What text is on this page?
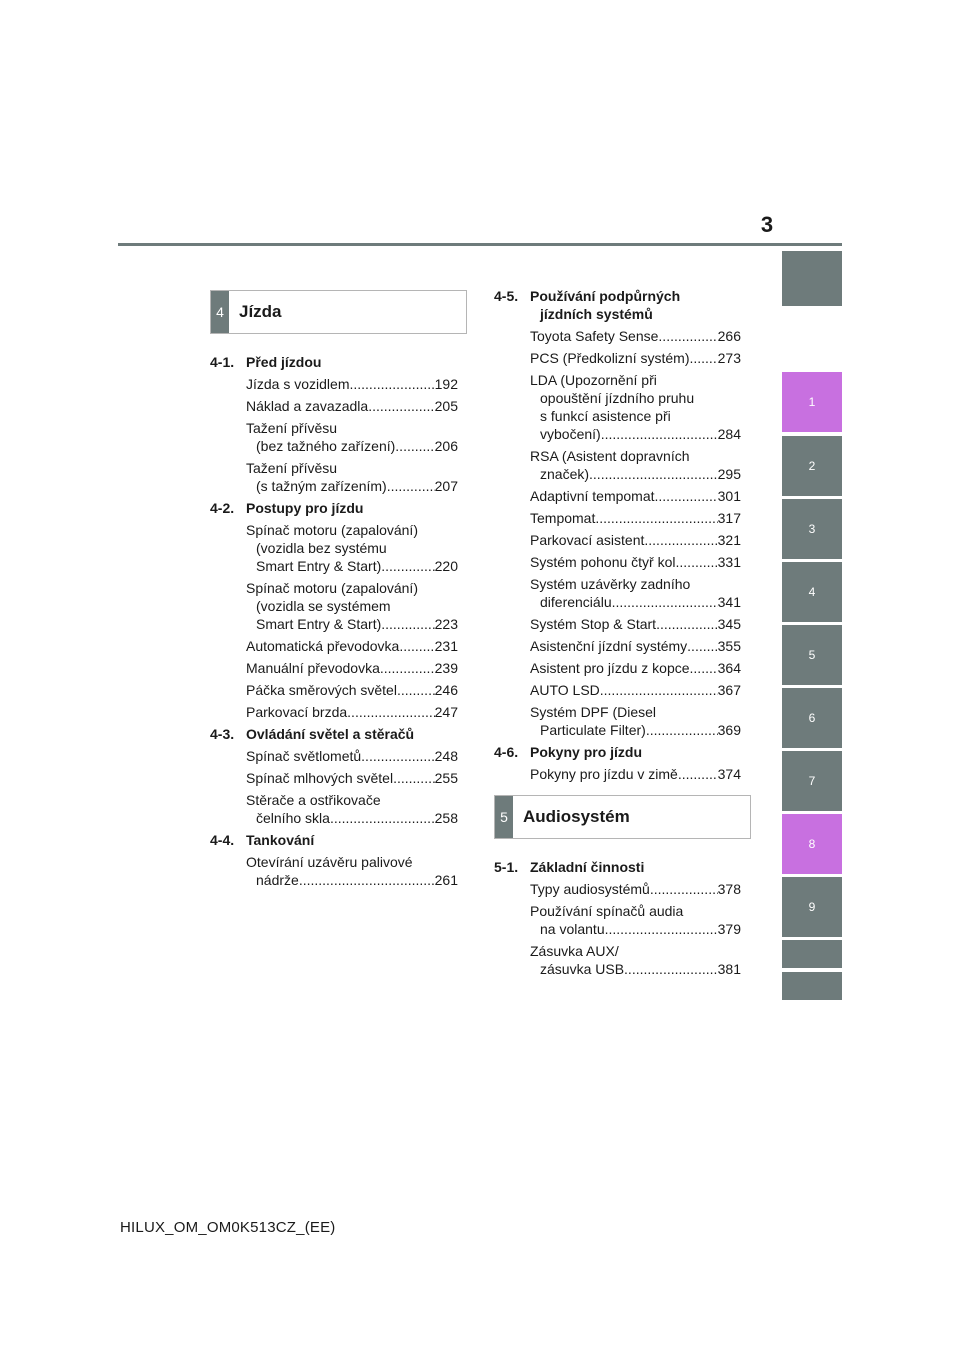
3
1
2
3
4
5
6
7
8
9
4 Jízda
4-1. Před jízdou
Jízda s vozidlem .....	192
Náklad a zavazadla .....	205
Tažení přívěsu
(bez tažného zařízení) .....	206
Tažení přívěsu
(s tažným zařízením) .....	207
4-2. Postupy pro jízdu
Spínač motoru (zapalování)
(vozidla bez systému
Smart Entry & Start) .....	220
Spínač motoru (zapalování)
(vozidla se systémem
Smart Entry & Start) .....	223
Automatická převodovka .....	231
Manuální převodovka .....	239
Páčka směrových světel .....	246
Parkovací brzda .....	247
4-3. Ovládání světel a stěračů
Spínač světlometů .....	248
Spínač mlhových světel .....	255
Stěrače a ostřikovače
čelního skla .....	258
4-4. Tankování
Otevírání uzávěru palivové
nádrže .....	261
4-5. Používání podpůrných
jízdních systémů
Toyota Safety Sense .....	266
PCS (Předkolizní systém) ..... 273
LDA (Upozornění při
opouštění jízdního pruhu
s funkcí asistence při
vybočení) .....	284
RSA (Asistent dopravních
značek) .....	295
Adaptivní tempomat .....	301
Tempomat .....	317
Parkovací asistent .....	321
Systém pohonu čtyř kol .....	331
Systém uzávěrky zadního
diferenciálu .....	341
Systém Stop & Start .....	345
Asistenční jízdní systémy ..... 355
Asistent pro jízdu z kopce ..... 364
AUTO LSD .....	367
Systém DPF (Diesel
Particulate Filter) .....	369
4-6. Pokyny pro jízdu
Pokyny pro jízdu v zimě .....	374
5 Audiosystém
5-1. Základní činnosti
Typy audiosystémů .....	378
Používání spínačů audia
na volantu .....	379
Zásuvka AUX/
zásuvka USB .....	381
HILUX_OM_OM0K513CZ_(EE)
